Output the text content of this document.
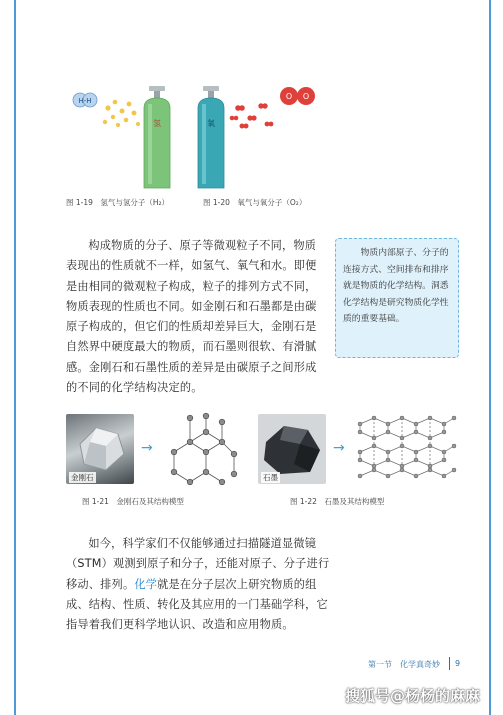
H-H
氢	氧
O O
图 1-19　氢气与氢分子（H₂）	图 1-20　氧气与氧分子（O₂）

构成物质的分子、原子等微观粒子不同，物质表现出的性质就不一样，如氢气、氧气和水。即便是由相同的微观粒子构成，粒子的排列方式不同，物质表现的性质也不同。如金刚石和石墨都是由碳原子构成的，但它们的性质却差异巨大，金刚石是自然界中硬度最大的物质，而石墨则很软、有滑腻感。金刚石和石墨性质的差异是由碳原子之间形成的不同的化学结构决定的。

物质内部原子、分子的连接方式、空间排布和排序就是物质的化学结构。洞悉化学结构是研究物质化学性质的重要基础。
金刚石
→
图 1-21　金刚石及其结构模型
石墨
→
图 1-22　石墨及其结构模型

如今，科学家们不仅能够通过扫描隧道显微镜（STM）观测到原子和分子，还能对原子、分子进行移动、排列。化学就是在分子层次上研究物质的组成、结构、性质、转化及其应用的一门基础学科，它指导着我们更科学地认识、改造和应用物质。

第一节　化学真奇妙 9
搜狐号@杨杨的麻麻
